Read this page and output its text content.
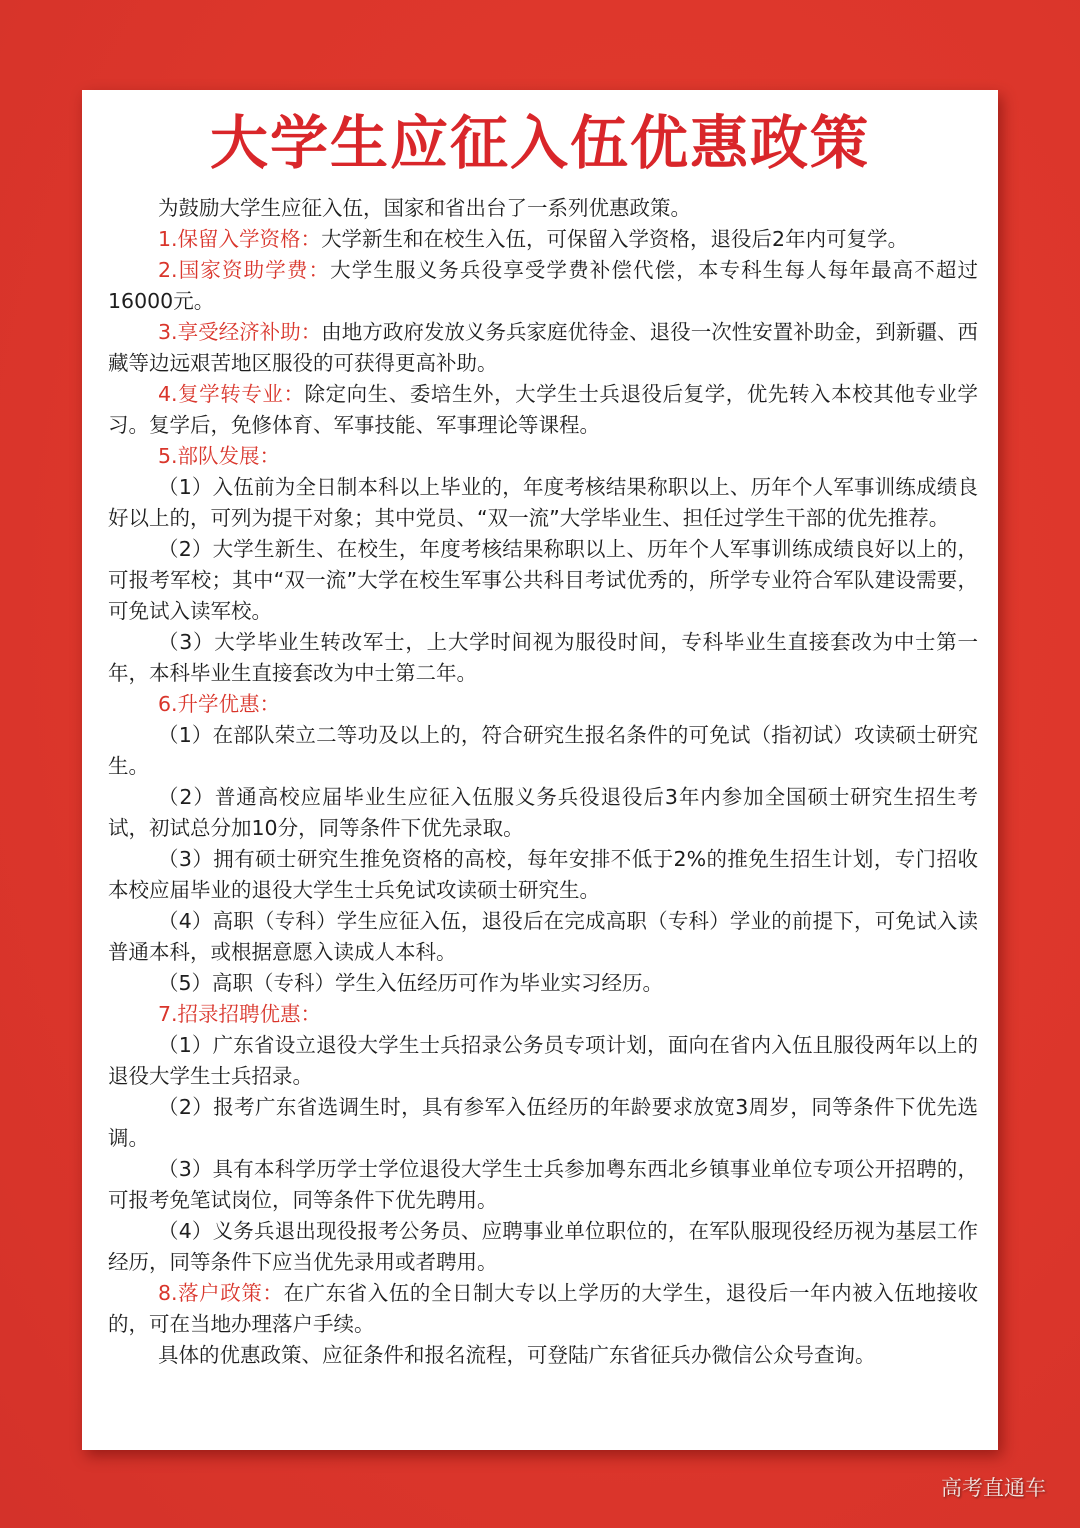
大学生应征入伍优惠政策

为鼓励大学生应征入伍，国家和省出台了一系列优惠政策。

1.保留入学资格：大学新生和在校生入伍，可保留入学资格，退役后2年内可复学。

2.国家资助学费：大学生服义务兵役享受学费补偿代偿，本专科生每人每年最高不超过16000元。

3.享受经济补助：由地方政府发放义务兵家庭优待金、退役一次性安置补助金，到新疆、西藏等边远艰苦地区服役的可获得更高补助。

4.复学转专业：除定向生、委培生外，大学生士兵退役后复学，优先转入本校其他专业学习。复学后，免修体育、军事技能、军事理论等课程。

5.部队发展：

（1）入伍前为全日制本科以上毕业的，年度考核结果称职以上、历年个人军事训练成绩良好以上的，可列为提干对象；其中党员、“双一流”大学毕业生、担任过学生干部的优先推荐。

（2）大学生新生、在校生，年度考核结果称职以上、历年个人军事训练成绩良好以上的，可报考军校；其中“双一流”大学在校生军事公共科目考试优秀的，所学专业符合军队建设需要，可免试入读军校。

（3）大学毕业生转改军士，上大学时间视为服役时间，专科毕业生直接套改为中士第一年，本科毕业生直接套改为中士第二年。

6.升学优惠：

（1）在部队荣立二等功及以上的，符合研究生报名条件的可免试（指初试）攻读硕士研究生。

（2）普通高校应届毕业生应征入伍服义务兵役退役后3年内参加全国硕士研究生招生考试，初试总分加10分，同等条件下优先录取。

（3）拥有硕士研究生推免资格的高校，每年安排不低于2%的推免生招生计划，专门招收本校应届毕业的退役大学生士兵免试攻读硕士研究生。

（4）高职（专科）学生应征入伍，退役后在完成高职（专科）学业的前提下，可免试入读普通本科，或根据意愿入读成人本科。

（5）高职（专科）学生入伍经历可作为毕业实习经历。

7.招录招聘优惠：

（1）广东省设立退役大学生士兵招录公务员专项计划，面向在省内入伍且服役两年以上的退役大学生士兵招录。

（2）报考广东省选调生时，具有参军入伍经历的年龄要求放宽3周岁，同等条件下优先选调。

（3）具有本科学历学士学位退役大学生士兵参加粤东西北乡镇事业单位专项公开招聘的，可报考免笔试岗位，同等条件下优先聘用。

（4）义务兵退出现役报考公务员、应聘事业单位职位的，在军队服现役经历视为基层工作经历，同等条件下应当优先录用或者聘用。

8.落户政策：在广东省入伍的全日制大专以上学历的大学生，退役后一年内被入伍地接收的，可在当地办理落户手续。

具体的优惠政策、应征条件和报名流程，可登陆广东省征兵办微信公众号查询。

高考直通车
